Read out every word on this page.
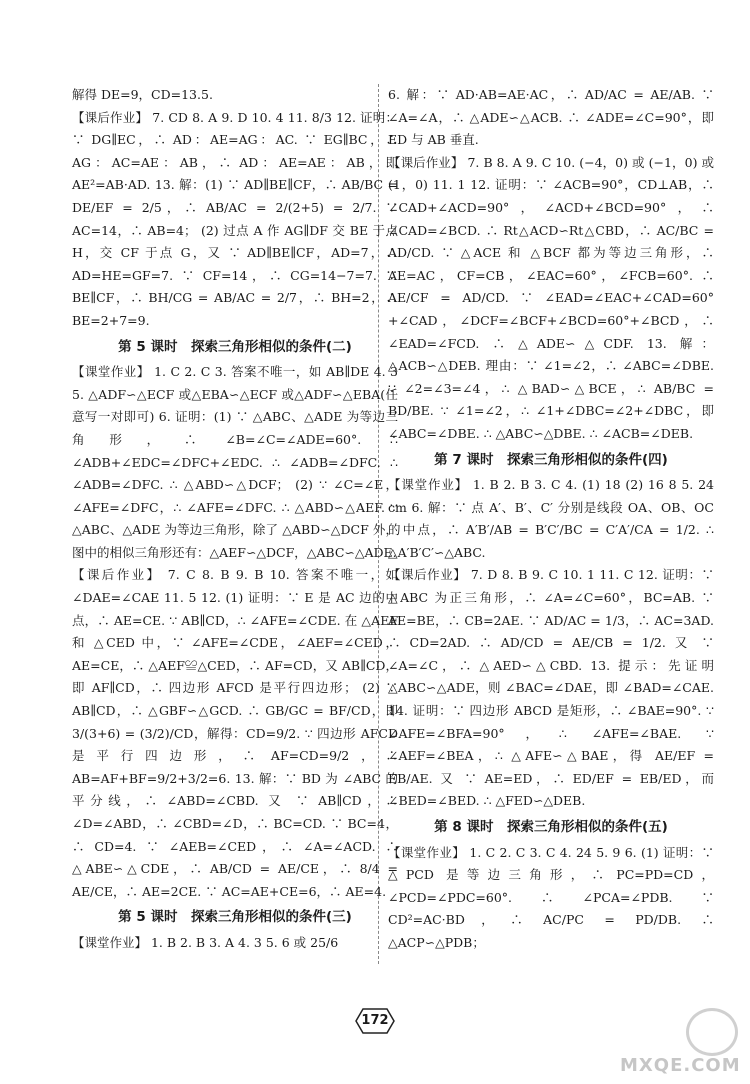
解得 DE=9，CD=13.5.

【课后作业】 7. CD 8. A 9. D 10. 4 11. 8/3 12. 证明：∵ DG∥EC，∴ AD：AE=AG：AC. ∵ EG∥BC，∴ AG：AC=AE：AB，∴ AD：AE=AE：AB，即 AE²=AB·AD. 13. 解：(1) ∵ AD∥BE∥CF，∴ AB/BC = DE/EF = 2/5，∴ AB/AC = 2/(2+5) = 2/7. ∵ AC=14，∴ AB=4； (2) 过点 A 作 AG∥DF 交 BE 于点 H，交 CF 于点 G，又 ∵ AD∥BE∥CF，AD=7，∴ AD=HE=GF=7. ∵ CF=14，∴ CG=14−7=7. ∵ BE∥CF，∴ BH/CG = AB/AC = 2/7，∴ BH=2，∴ BE=2+7=9.

第 5 课时　探索三角形相似的条件(二)

【课堂作业】 1. C 2. C 3. 答案不唯一，如 AB∥DE 4. 3 5. △ADF∽△ECF 或△EBA∽△ECF 或△ADF∽△EBA(任意写一对即可) 6. 证明：(1) ∵ △ABC、△ADE 为等边三角形，∴ ∠B=∠C=∠ADE=60°. ∴ ∠ADB+∠EDC=∠DFC+∠EDC. ∴ ∠ADB=∠DFC. ∴ ∠ADB=∠DFC. ∴ △ABD∽△DCF； (2) ∵ ∠C=∠E，∠AFE=∠DFC，∴ ∠AFE=∠DFC. ∴ △ABD∽△AEF. ∵ △ABC、△ADE 为等边三角形，除了 △ABD∽△DCF 外，图中的相似三角形还有：△AEF∽△DCF，△ABC∽△ADE.

【课后作业】 7. C 8. B 9. B 10. 答案不唯一，如 ∠DAE=∠CAE 11. 5 12. (1) 证明：∵ E 是 AC 边的中点，∴ AE=CE. ∵ AB∥CD，∴ ∠AFE=∠CDE. 在 △AEF 和 △CED 中，∵ ∠AFE=∠CDE，∠AEF=∠CED，AE=CE，∴ △AEF≌△CED，∴ AF=CD，又 AB∥CD，即 AF∥CD，∴ 四边形 AFCD 是平行四边形； (2) ∵ AB∥CD，∴ △GBF∽△GCD. ∴ GB/GC = BF/CD，即 3/(3+6) = (3/2)/CD，解得：CD=9/2. ∵ 四边形 AFCD 是平行四边形，∴ AF=CD=9/2，∴ AB=AF+BF=9/2+3/2=6. 13. 解：∵ BD 为 ∠ABC 的平分线，∴ ∠ABD=∠CBD. 又 ∵ AB∥CD，∴ ∠D=∠ABD，∴ ∠CBD=∠D，∴ BC=CD. ∵ BC=4，∴ CD=4. ∵ ∠AEB=∠CED，∴ ∠A=∠ACD. ∴ △ABE∽△CDE，∴ AB/CD = AE/CE，∴ 8/4 = AE/CE，∴ AE=2CE. ∵ AC=AE+CE=6，∴ AE=4.

第 5 课时　探索三角形相似的条件(三)

【课堂作业】 1. B 2. B 3. A 4. 3 5. 6 或 25/6

6. 解：∵ AD·AB=AE·AC，∴ AD/AC = AE/AB. ∵ ∠A=∠A，∴ △ADE∽△ACB. ∴ ∠ADE=∠C=90°，即 ED 与 AB 垂直.

【课后作业】 7. B 8. A 9. C 10. (−4，0) 或 (−1，0) 或 (1，0) 11. 1 12. 证明：∵ ∠ACB=90°，CD⊥AB，∴ ∠CAD+∠ACD=90°，∠ACD+∠BCD=90°，∴ ∠CAD=∠BCD. ∴ Rt△ACD∽Rt△CBD，∴ AC/BC = AD/CD. ∵ △ACE 和 △BCF 都为等边三角形，∴ AE=AC，CF=CB，∠EAC=60°，∠FCB=60°. ∴ AE/CF = AD/CD. ∵ ∠EAD=∠EAC+∠CAD=60°+∠CAD，∠DCF=∠BCF+∠BCD=60°+∠BCD，∴ ∠EAD=∠FCD. ∴ △ADE∽△CDF. 13. 解：△ACB∽△DEB. 理由：∵ ∠1=∠2，∴ ∠ABC=∠DBE. ∵ ∠2=∠3=∠4，∴ △BAD∽△BCE，∴ AB/BC = BD/BE. ∵ ∠1=∠2，∴ ∠1+∠DBC=∠2+∠DBC，即 ∠ABC=∠DBE. ∴ △ABC∽△DBE. ∴ ∠ACB=∠DEB.

第 7 课时　探索三角形相似的条件(四)

【课堂作业】 1. B 2. B 3. C 4. (1) 18 (2) 16 8 5. 24 cm 6. 解：∵ 点 A′、B′、C′ 分别是线段 OA、OB、OC 的中点，∴ A′B′/AB = B′C′/BC = C′A′/CA = 1/2. ∴ △A′B′C′∽△ABC.

【课后作业】 7. D 8. B 9. C 10. 1 11. C 12. 证明：∵ △ABC 为正三角形，∴ ∠A=∠C=60°，BC=AB. ∵ AE=BE，∴ CB=2AE. ∵ AD/AC = 1/3，∴ AC=3AD. ∴ CD=2AD. ∴ AD/CD = AE/CB = 1/2. 又 ∵ ∠A=∠C，∴ △AED∽△CBD. 13. 提示：先证明 △ABC∽△ADE，则 ∠BAC=∠DAE，即 ∠BAD=∠CAE. 14. 证明：∵ 四边形 ABCD 是矩形，∴ ∠BAE=90°. ∵ ∠AFE=∠BFA=90°，∴ ∠AFE=∠BAE. ∵ ∠AEF=∠BEA，∴ △AFE∽△BAE，得 AE/EF = EB/AE. 又 ∵ AE=ED，∴ ED/EF = EB/ED，而 ∠BED=∠BED. ∴ △FED∽△DEB.

第 8 课时　探索三角形相似的条件(五)

【课堂作业】 1. C 2. C 3. C 4. 24 5. 9 6. (1) 证明：∵ △PCD 是等边三角形，∴ PC=PD=CD，∠PCD=∠PDC=60°. ∴ ∠PCA=∠PDB. ∵ CD²=AC·BD，∴ AC/PC = PD/DB. ∴ △ACP∽△PDB；

172
MXQE.COM
